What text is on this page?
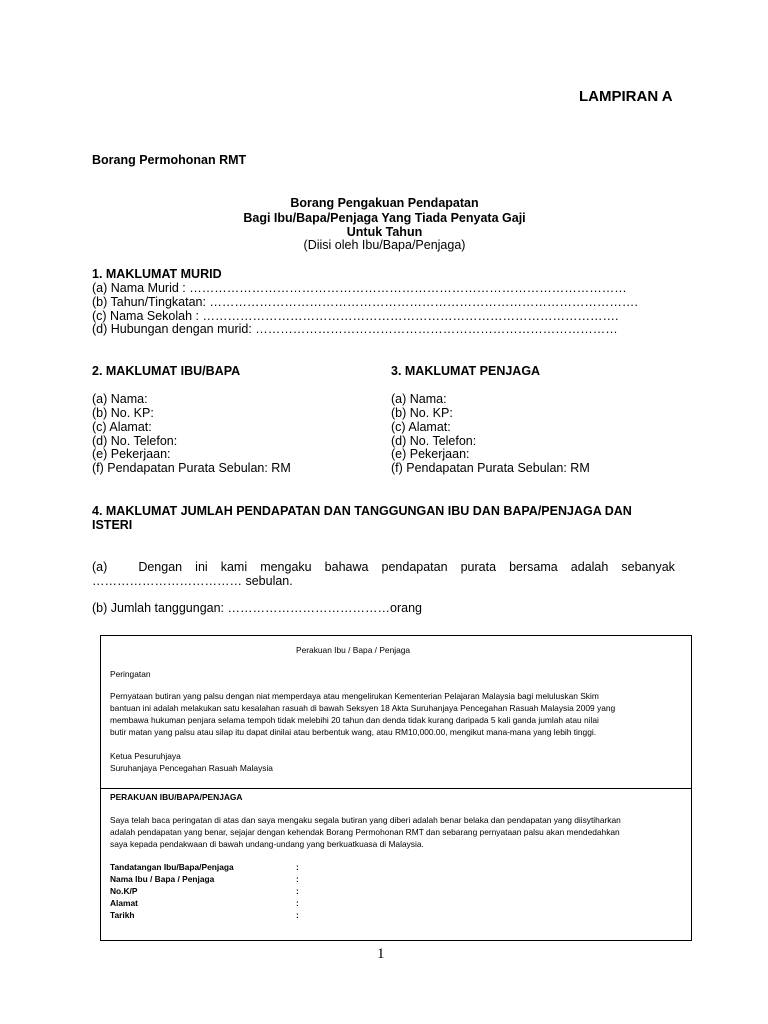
LAMPIRAN A
Borang Permohonan RMT
Borang Pengakuan Pendapatan
Bagi Ibu/Bapa/Penjaga Yang Tiada Penyata Gaji
Untuk Tahun
(Diisi oleh Ibu/Bapa/Penjaga)
1. MAKLUMAT MURID
(a) Nama Murid : ……………………………………………………………………………………………
(b) Tahun/Tingkatan: ………………………………………………………………………………………….
(c) Nama Sekolah : ……………………………………………………………………………………….
(d) Hubungan dengan murid: ……………………………………………………………………………
2. MAKLUMAT IBU/BAPA
(a) Nama:
(b) No. KP:
(c) Alamat:
(d) No. Telefon:
(e) Pekerjaan:
(f) Pendapatan Purata Sebulan: RM
3. MAKLUMAT PENJAGA
(a) Nama:
(b) No. KP:
(c) Alamat:
(d) No. Telefon:
(e) Pekerjaan:
(f) Pendapatan Purata Sebulan: RM
4. MAKLUMAT JUMLAH PENDAPATAN DAN TANGGUNGAN IBU DAN BAPA/PENJAGA DAN
ISTERI
(a) Dengan ini kami mengaku bahawa pendapatan purata bersama adalah sebanyak
……………………………… sebulan.
(b) Jumlah tanggungan: …………………………………orang
Perakuan Ibu / Bapa / Penjaga
Peringatan
Pernyataan butiran yang palsu dengan niat memperdaya atau mengelirukan Kementerian Pelajaran Malaysia bagi meluluskan Skim
bantuan ini adalah melakukan satu kesalahan rasuah di bawah Seksyen 18 Akta Suruhanjaya Pencegahan Rasuah Malaysia 2009 yang
membawa hukuman penjara selama tempoh tidak melebihi 20 tahun dan denda tidak kurang daripada 5 kali ganda jumlah atau nilai
butir matan yang palsu atau silap itu dapat dinilai atau berbentuk wang, atau RM10,000.00, mengikut mana-mana yang lebih tinggi.
Ketua Pesuruhjaya
Suruhanjaya Pencegahan Rasuah Malaysia
PERAKUAN IBU/BAPA/PENJAGA
Saya telah baca peringatan di atas dan saya mengaku segala butiran yang diberi adalah benar belaka dan pendapatan yang diisytiharkan
adalah pendapatan yang benar, sejajar dengan kehendak Borang Permohonan RMT dan sebarang pernyataan palsu akan mendedahkan
saya kepada pendakwaan di bawah undang-undang yang berkuatkuasa di Malaysia.
Tandatangan Ibu/Bapa/Penjaga	:
Nama Ibu / Bapa / Penjaga	:
No.K/P	:
Alamat	:
Tarikh	:
1
